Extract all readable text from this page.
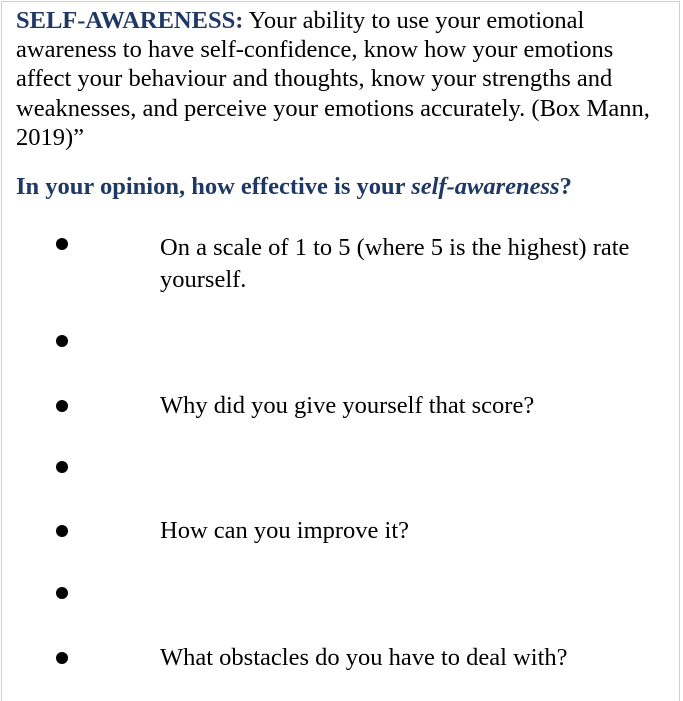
SELF-AWARENESS: Your ability to use your emotional awareness to have self-confidence, know how your emotions affect your behaviour and thoughts, know your strengths and weaknesses, and perceive your emotions accurately. (Box Mann, 2019)”

In your opinion, how effective is your self-awareness?

On a scale of 1 to 5 (where 5 is the highest) rate yourself.

Why did you give yourself that score?

How can you improve it?

What obstacles do you have to deal with?
